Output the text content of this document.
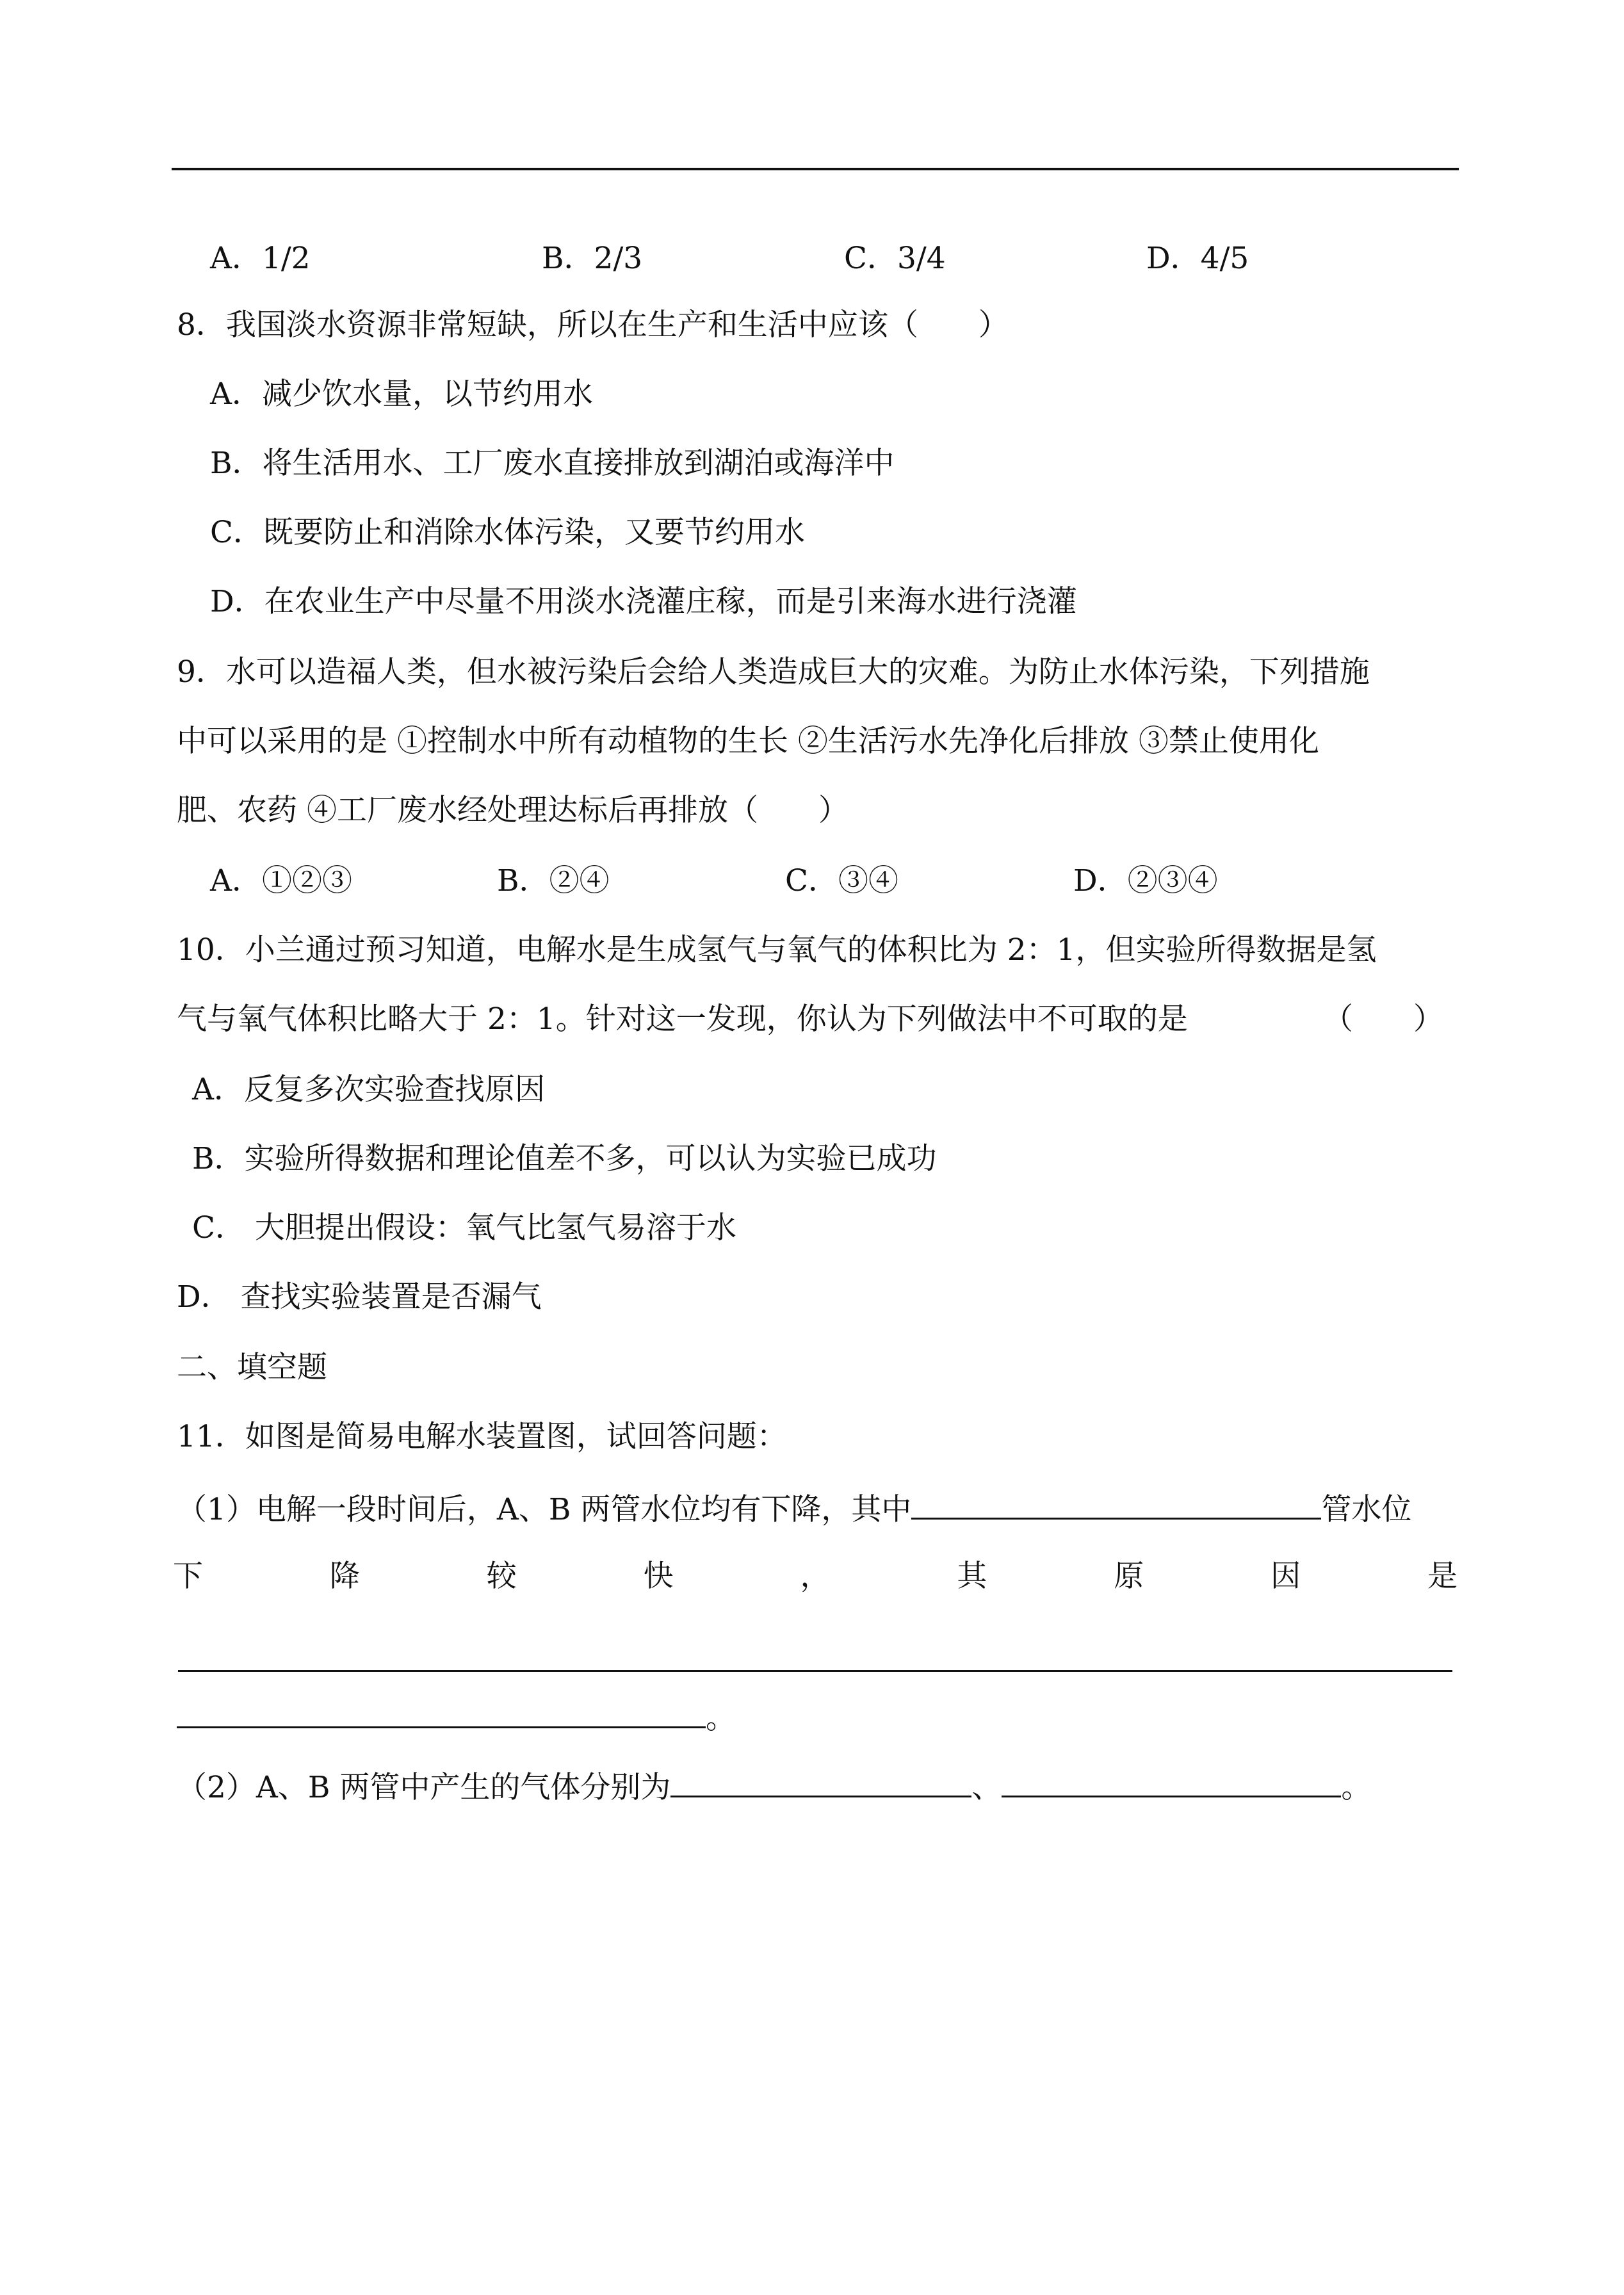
A．1/2	B．2/3	C．3/4	D．4/5
8．我国淡水资源非常短缺，所以在生产和生活中应该（　　）
A．减少饮水量，以节约用水
B．将生活用水、工厂废水直接排放到湖泊或海洋中
C．既要防止和消除水体污染，又要节约用水
D．在农业生产中尽量不用淡水浇灌庄稼，而是引来海水进行浇灌
9．水可以造福人类，但水被污染后会给人类造成巨大的灾难。为防止水体污染，下列措施
中可以采用的是 ①控制水中所有动植物的生长 ②生活污水先净化后排放 ③禁止使用化
肥、农药 ④工厂废水经处理达标后再排放（　　）
A．①②③	B．②④	C．③④	D．②③④
10．小兰通过预习知道，电解水是生成氢气与氧气的体积比为 2：1，但实验所得数据是氢
气与氧气体积比略大于 2：1。针对这一发现，你认为下列做法中不可取的是	（　　）
A．反复多次实验查找原因
B．实验所得数据和理论值差不多，可以认为实验已成功
C． 大胆提出假设：氧气比氢气易溶于水
D． 查找实验装置是否漏气
二、填空题
11．如图是简易电解水装置图，试回答问题：
（1）电解一段时间后，A、B 两管水位均有下降，其中	管水位
下	降	较	快	，	其	原	因	是
。
（2）A、B 两管中产生的气体分别为	、	。
